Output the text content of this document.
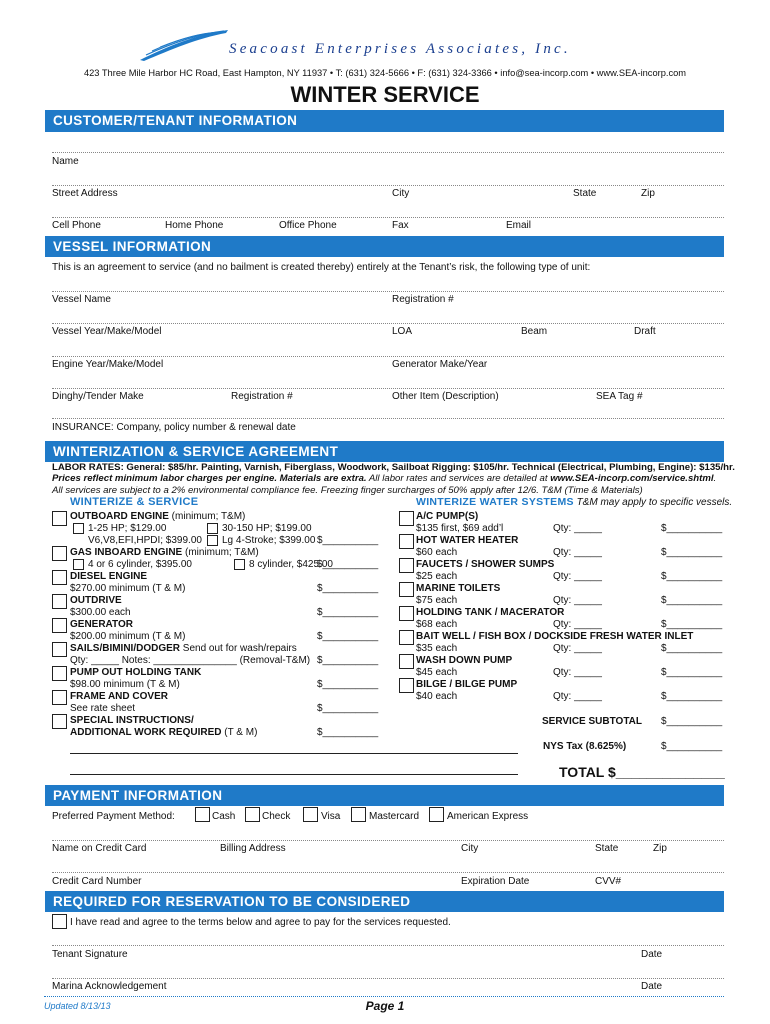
Seacoast Enterprises Associates, Inc.
423 Three Mile Harbor HC Road, East Hampton, NY 11937 • T: (631) 324-5666 • F: (631) 324-3366 • info@sea-incorp.com • www.SEA-incorp.com
WINTER SERVICE
CUSTOMER/TENANT INFORMATION
Name
Street Address	City	State	Zip
Cell Phone	Home Phone	Office Phone	Fax	Email
VESSEL INFORMATION
This is an agreement to service (and no bailment is created thereby) entirely at the Tenant’s risk, the following type of unit:
Vessel Name	Registration #
Vessel Year/Make/Model	LOA	Beam	Draft
Engine Year/Make/Model	Generator Make/Year
Dinghy/Tender Make	Registration #	Other Item (Description)	SEA Tag #
INSURANCE: Company, policy number & renewal date
WINTERIZATION & SERVICE AGREEMENT
LABOR RATES: General: $85/hr. Painting, Varnish, Fiberglass, Woodwork, Sailboat Rigging: $105/hr. Technical (Electrical, Plumbing, Engine): $135/hr.
Prices reflect minimum labor charges per engine. Materials are extra. All labor rates and services are detailed at www.SEA-incorp.com/service.shtml.
All services are subject to a 2% environmental compliance fee. Freezing finger surcharges of 50% apply after 12/6. T&M (Time & Materials)
WINTERIZE & SERVICE	WINTERIZE WATER SYSTEMS T&M may apply to specific vessels.
OUTBOARD ENGINE (minimum; T&M)
1-25 HP; $129.00	30-150 HP; $199.00
V6,V8,EFI,HPDI; $399.00 Lg 4-Stroke; $399.00 $__________
GAS INBOARD ENGINE (minimum; T&M)
4 or 6 cylinder, $395.00	8 cylinder, $425.00
$__________
DIESEL ENGINE
$270.00 minimum (T & M)	$__________
OUTDRIVE
$300.00 each	$__________
GENERATOR
$200.00 minimum (T & M)	$__________
SAILS/BIMINI/DODGER Send out for wash/repairs
Qty: _____ Notes: _______________ (Removal-T&M) $__________
PUMP OUT HOLDING TANK
$98.00 minimum (T & M)	$__________
FRAME AND COVER
See rate sheet	$__________
SPECIAL INSTRUCTIONS/
ADDITIONAL WORK REQUIRED (T & M)	$__________
A/C PUMP(S)
$135 first, $69 add’l	Qty: _____	$__________
HOT WATER HEATER
$60 each	Qty: _____	$__________
FAUCETS / SHOWER SUMPS
$25 each	Qty: _____	$__________
MARINE TOILETS
$75 each	Qty: _____	$__________
HOLDING TANK / MACERATOR
$68 each	Qty: _____	$__________
BAIT WELL / FISH BOX / DOCKSIDE FRESH WATER INLET
$35 each	Qty: _____	$__________
WASH DOWN PUMP
$45 each	Qty: _____	$__________
BILGE / BILGE PUMP
$40 each	Qty: _____	$__________
SERVICE SUBTOTAL $__________
NYS Tax (8.625%)	$__________
TOTAL $______________
PAYMENT INFORMATION
Preferred Payment Method:	Cash	Check	Visa	Mastercard	American Express
Name on Credit Card	Billing Address	City	State	Zip
Credit Card Number	Expiration Date	CVV#
REQUIRED FOR RESERVATION TO BE CONSIDERED
I have read and agree to the terms below and agree to pay for the services requested.
Tenant Signature	Date
Marina Acknowledgement	Date
Updated 8/13/13	Page 1
